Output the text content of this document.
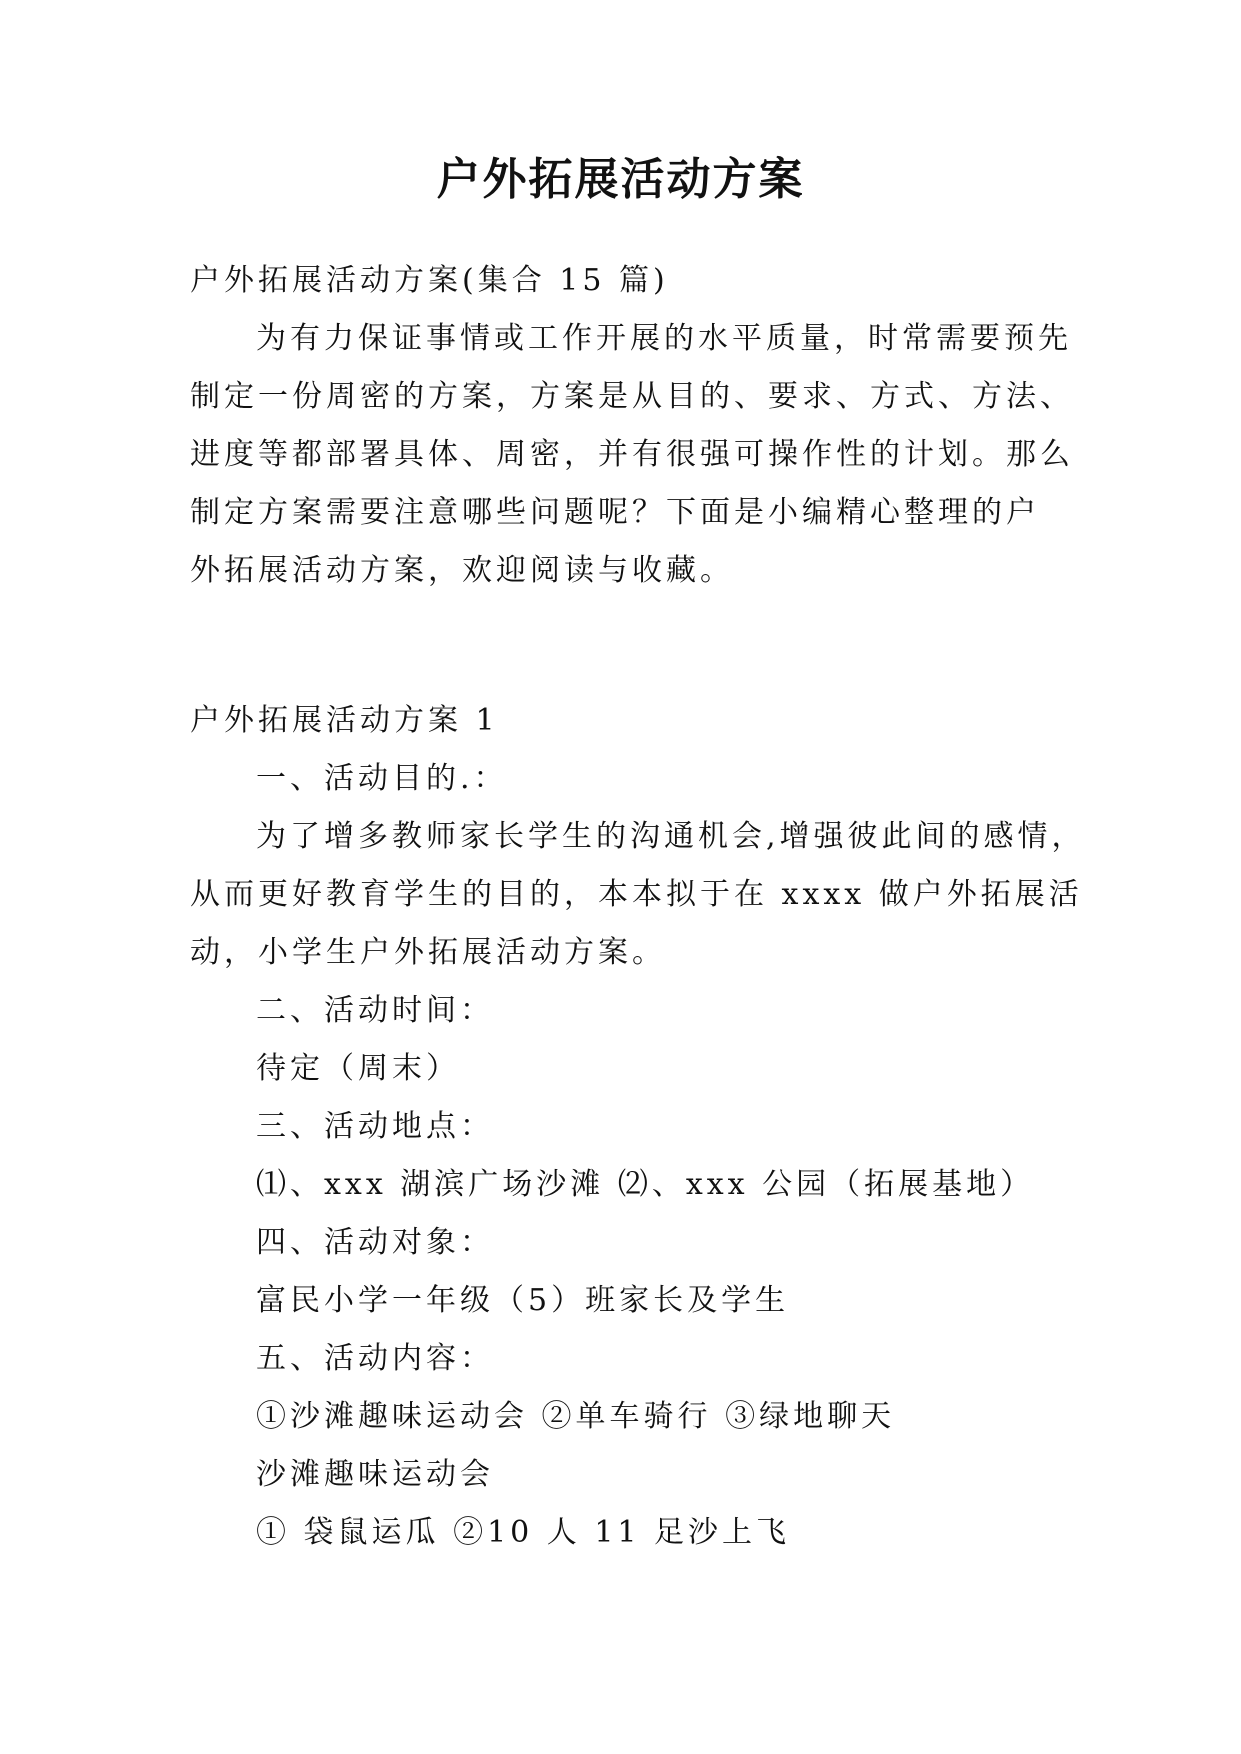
户外拓展活动方案
户外拓展活动方案(集合 15 篇)
为有力保证事情或工作开展的水平质量，时常需要预先
制定一份周密的方案，方案是从目的、要求、方式、方法、
进度等都部署具体、周密，并有很强可操作性的计划。那么
制定方案需要注意哪些问题呢？下面是小编精心整理的户
外拓展活动方案，欢迎阅读与收藏。
户外拓展活动方案 1
一、活动目的.：
为了增多教师家长学生的沟通机会,增强彼此间的感情，
从而更好教育学生的目的，本本拟于在 xxxx 做户外拓展活
动，小学生户外拓展活动方案。
二、活动时间：
待定（周末）
三、活动地点：
⑴、xxx 湖滨广场沙滩 ⑵、xxx 公园（拓展基地）
四、活动对象：
富民小学一年级（5）班家长及学生
五、活动内容：
①沙滩趣味运动会 ②单车骑行 ③绿地聊天
沙滩趣味运动会
① 袋鼠运瓜 ②10 人 11 足沙上飞
